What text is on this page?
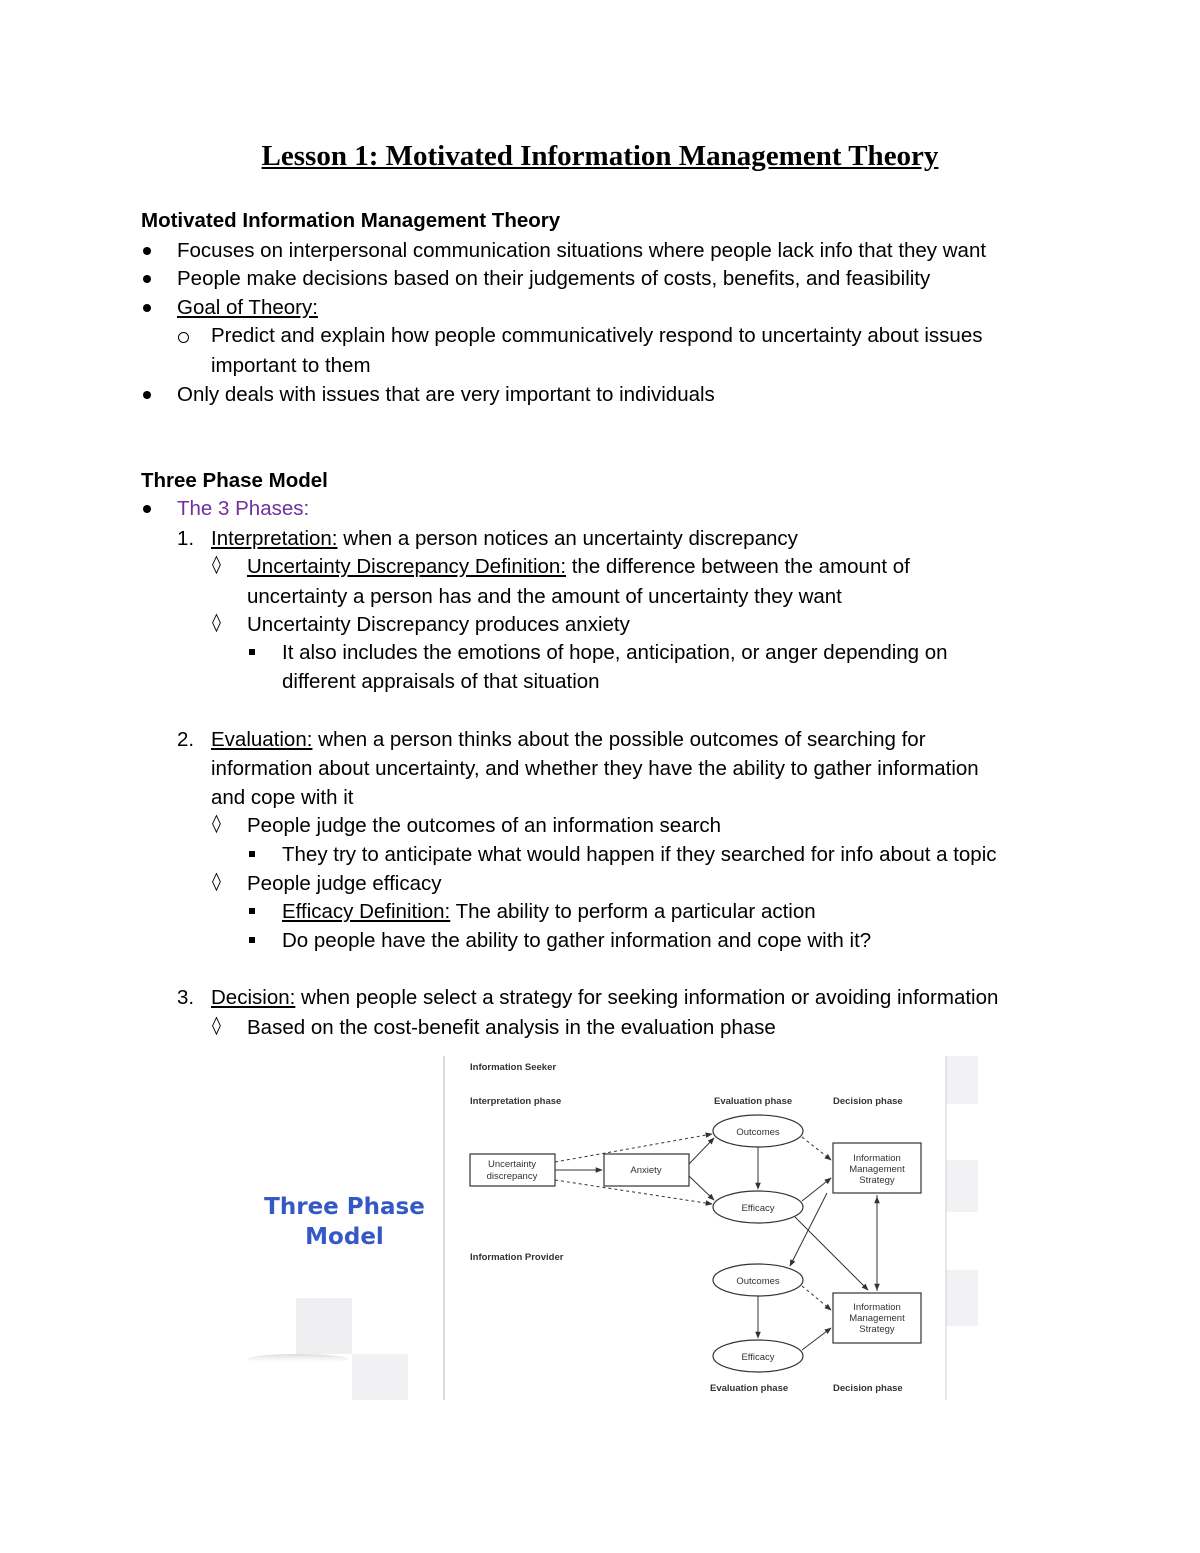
Lesson 1: Motivated Information Management Theory
Motivated Information Management Theory
Focuses on interpersonal communication situations where people lack info that they want
People make decisions based on their judgements of costs, benefits, and feasibility
Goal of Theory:
Predict and explain how people communicatively respond to uncertainty about issues
important to them
Only deals with issues that are very important to individuals
Three Phase Model
The 3 Phases:
1. Interpretation: when a person notices an uncertainty discrepancy
◊ Uncertainty Discrepancy Definition: the difference between the amount of
uncertainty a person has and the amount of uncertainty they want
◊ Uncertainty Discrepancy produces anxiety
It also includes the emotions of hope, anticipation, or anger depending on
different appraisals of that situation
2. Evaluation: when a person thinks about the possible outcomes of searching for
information about uncertainty, and whether they have the ability to gather information
and cope with it
◊ People judge the outcomes of an information search
They try to anticipate what would happen if they searched for info about a topic
◊ People judge efficacy
Efficacy Definition: The ability to perform a particular action
Do people have the ability to gather information and cope with it?
3. Decision: when people select a strategy for seeking information or avoiding information
◊ Based on the cost-benefit analysis in the evaluation phase
Three Phase
Model
Information Seeker
Interpretation phase	Evaluation phase	Decision phase
Information Provider
Evaluation phase	Decision phase
Uncertainty
discrepancy
Anxiety
Information
Management
Strategy
Information
Management
Strategy
Outcomes
Efficacy
Outcomes
Efficacy
